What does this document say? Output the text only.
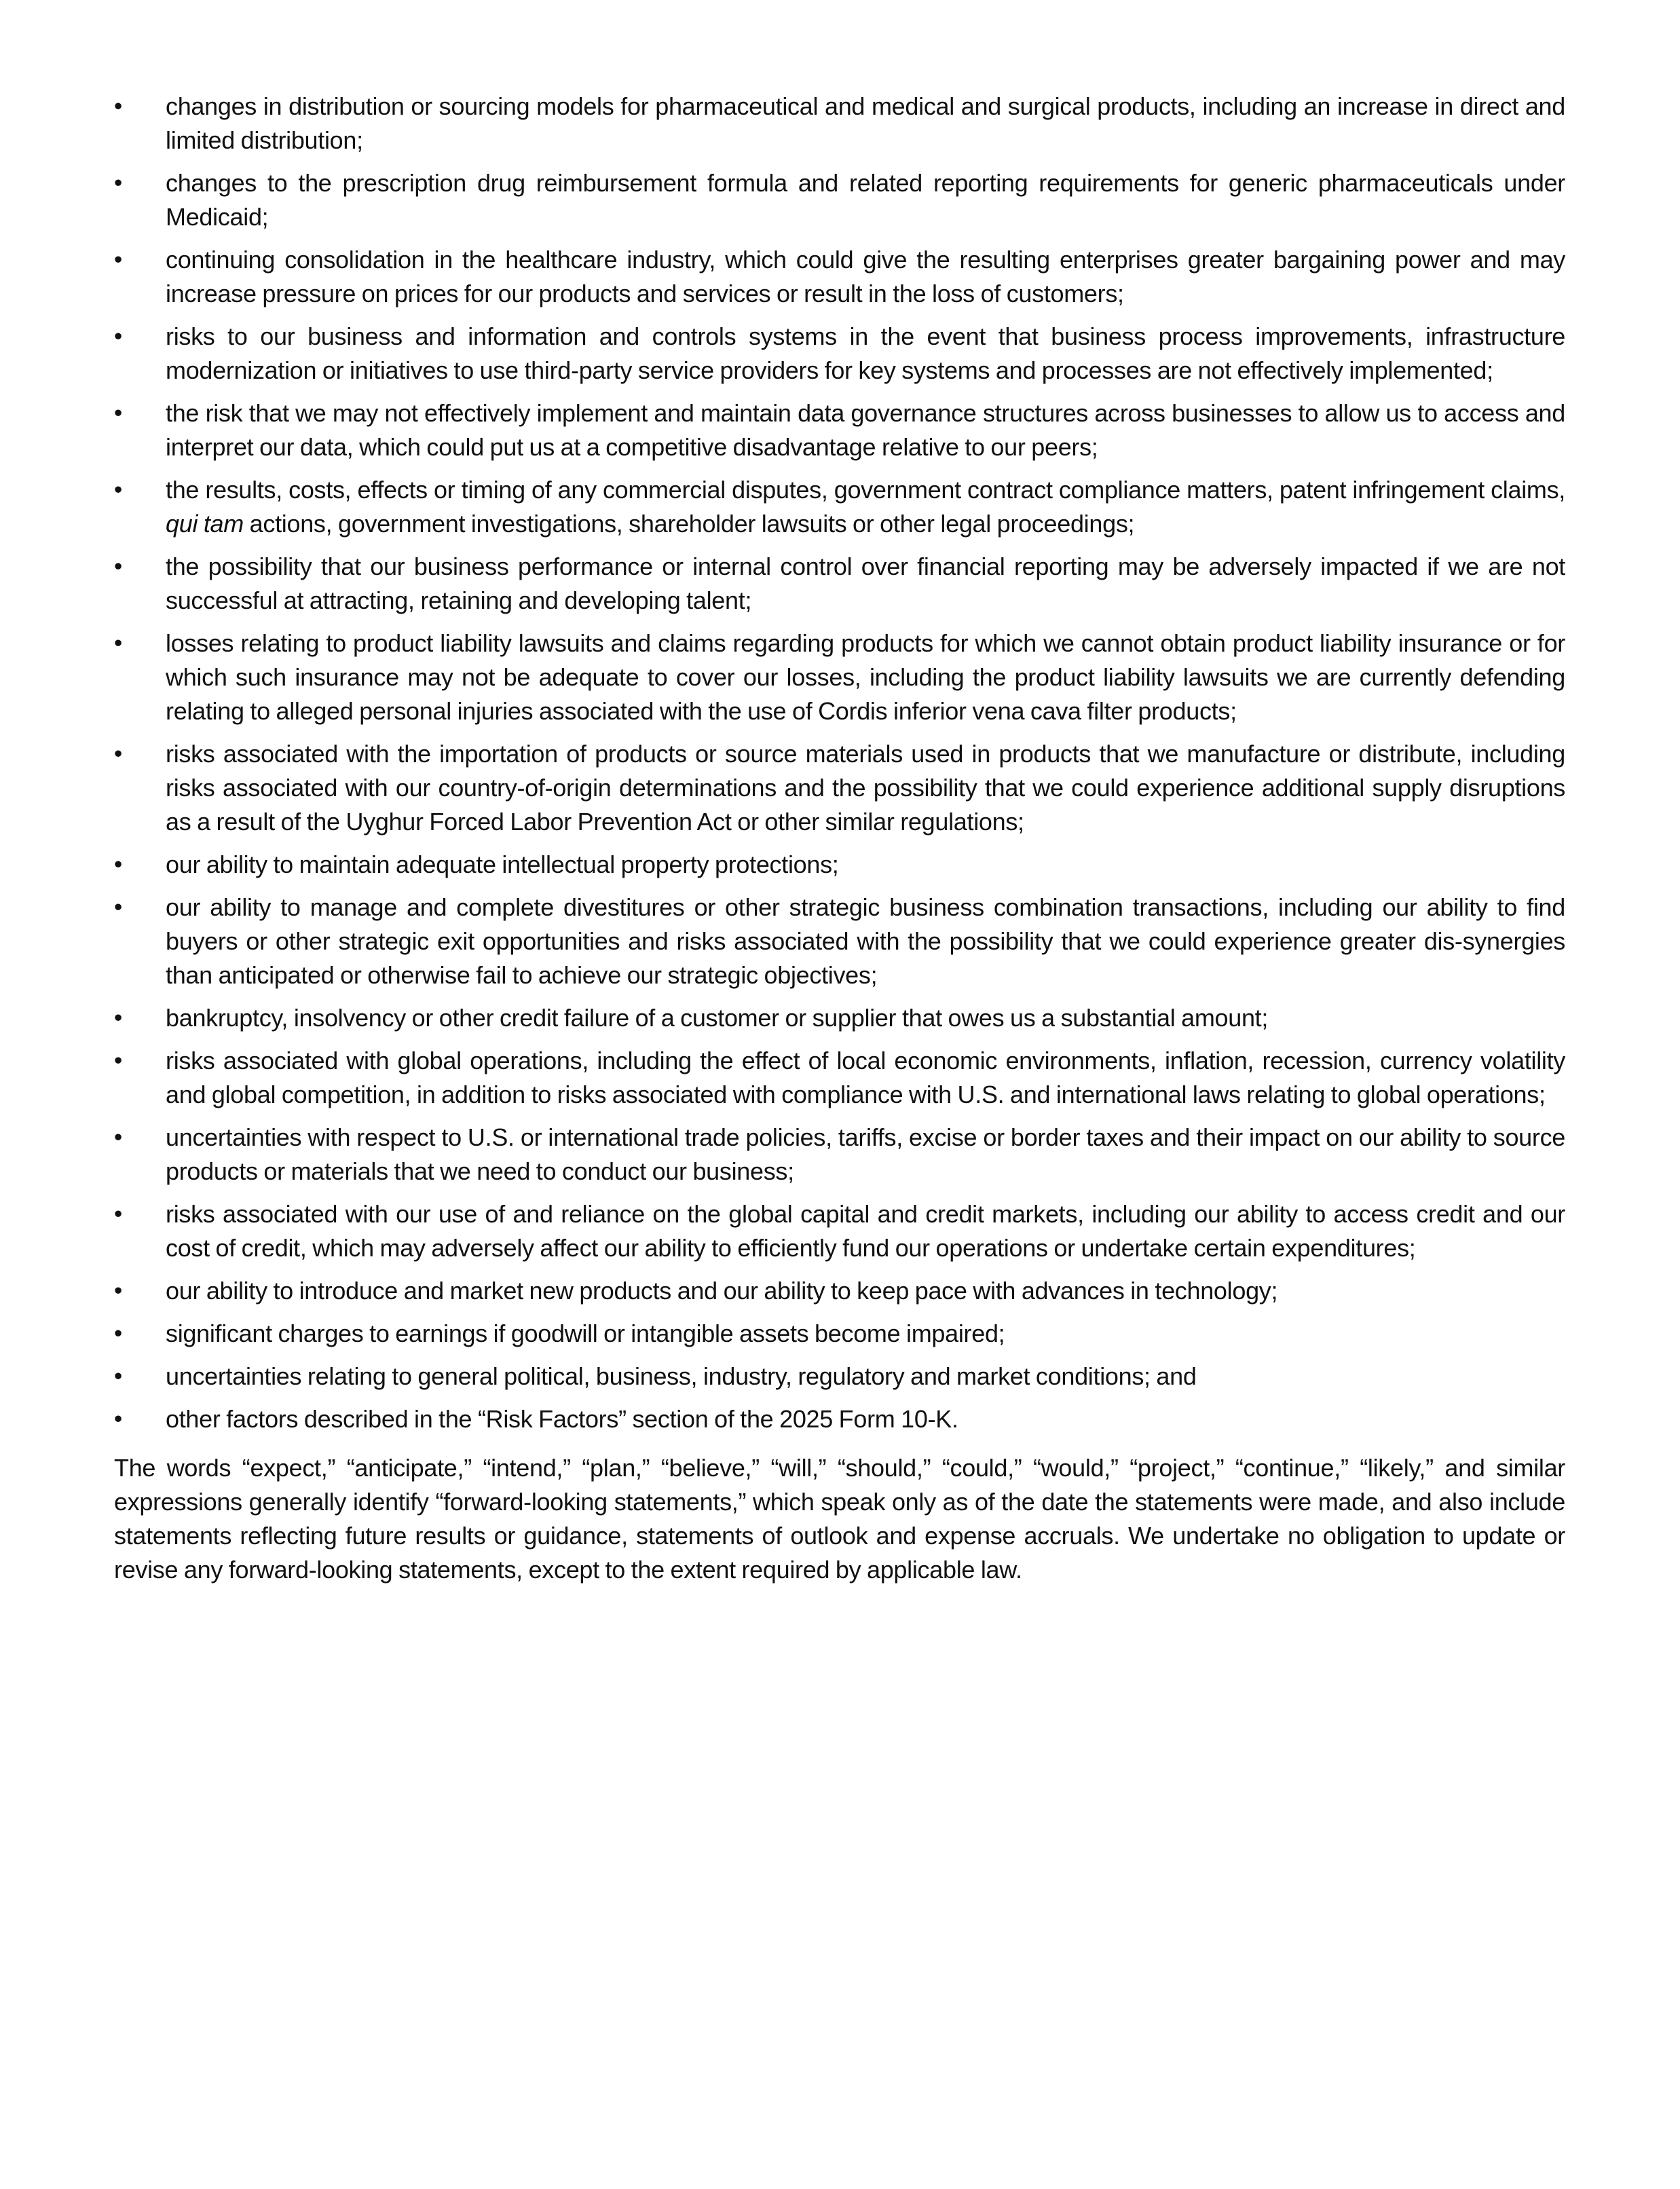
•	changes in distribution or sourcing models for pharmaceutical and medical and surgical products, including an increase in direct and limited distribution;
•	changes to the prescription drug reimbursement formula and related reporting requirements for generic pharmaceuticals under Medicaid;
•	continuing consolidation in the healthcare industry, which could give the resulting enterprises greater bargaining power and may increase pressure on prices for our products and services or result in the loss of customers;
•	risks to our business and information and controls systems in the event that business process improvements, infrastructure modernization or initiatives to use third-party service providers for key systems and processes are not effectively implemented;
•	the risk that we may not effectively implement and maintain data governance structures across businesses to allow us to access and interpret our data, which could put us at a competitive disadvantage relative to our peers;
•	the results, costs, effects or timing of any commercial disputes, government contract compliance matters, patent infringement claims, qui tam actions, government investigations, shareholder lawsuits or other legal proceedings;
•	the possibility that our business performance or internal control over financial reporting may be adversely impacted if we are not successful at attracting, retaining and developing talent;
•	losses relating to product liability lawsuits and claims regarding products for which we cannot obtain product liability insurance or for which such insurance may not be adequate to cover our losses, including the product liability lawsuits we are currently defending relating to alleged personal injuries associated with the use of Cordis inferior vena cava filter products;
•	risks associated with the importation of products or source materials used in products that we manufacture or distribute, including risks associated with our country-of-origin determinations and the possibility that we could experience additional supply disruptions as a result of the Uyghur Forced Labor Prevention Act or other similar regulations;
•	our ability to maintain adequate intellectual property protections;
•	our ability to manage and complete divestitures or other strategic business combination transactions, including our ability to find buyers or other strategic exit opportunities and risks associated with the possibility that we could experience greater dis-synergies than anticipated or otherwise fail to achieve our strategic objectives;
•	bankruptcy, insolvency or other credit failure of a customer or supplier that owes us a substantial amount;
•	risks associated with global operations, including the effect of local economic environments, inflation, recession, currency volatility and global competition, in addition to risks associated with compliance with U.S. and international laws relating to global operations;
•	uncertainties with respect to U.S. or international trade policies, tariffs, excise or border taxes and their impact on our ability to source products or materials that we need to conduct our business;
•	risks associated with our use of and reliance on the global capital and credit markets, including our ability to access credit and our cost of credit, which may adversely affect our ability to efficiently fund our operations or undertake certain expenditures;
•	our ability to introduce and market new products and our ability to keep pace with advances in technology;
•	significant charges to earnings if goodwill or intangible assets become impaired;
•	uncertainties relating to general political, business, industry, regulatory and market conditions; and
•	other factors described in the “Risk Factors” section of the 2025 Form 10-K.

The words “expect,” “anticipate,” “intend,” “plan,” “believe,” “will,” “should,” “could,” “would,” “project,” “continue,” “likely,” and similar expressions generally identify “forward-looking statements,” which speak only as of the date the statements were made, and also include statements reflecting future results or guidance, statements of outlook and expense accruals. We undertake no obligation to update or revise any forward-looking statements, except to the extent required by applicable law.
